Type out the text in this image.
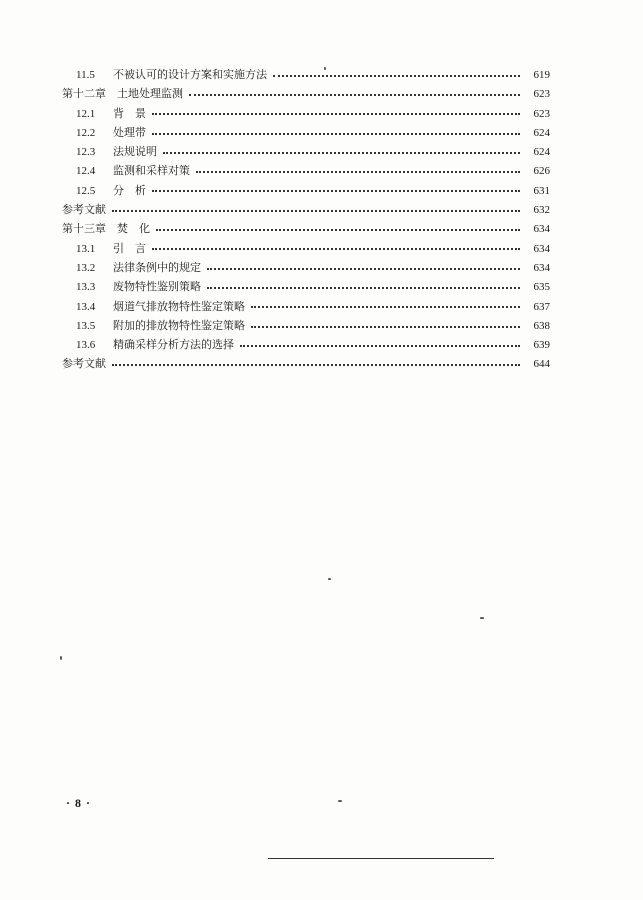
11.5	不被认可的设计方案和实施方法	619
第十二章　土地处理监测	623
12.1	背　景	623
12.2	处理带	624
12.3	法规说明	624
12.4	监测和采样对策	626
12.5	分　析	631
参考文献	632
第十三章　焚　化	634
13.1	引　言	634
13.2	法律条例中的规定	634
13.3	废物特性鉴别策略	635
13.4	烟道气排放物特性鉴定策略	637
13.5	附加的排放物特性鉴定策略	638
13.6	精确采样分析方法的选择	639
参考文献	644
· 8 ·
